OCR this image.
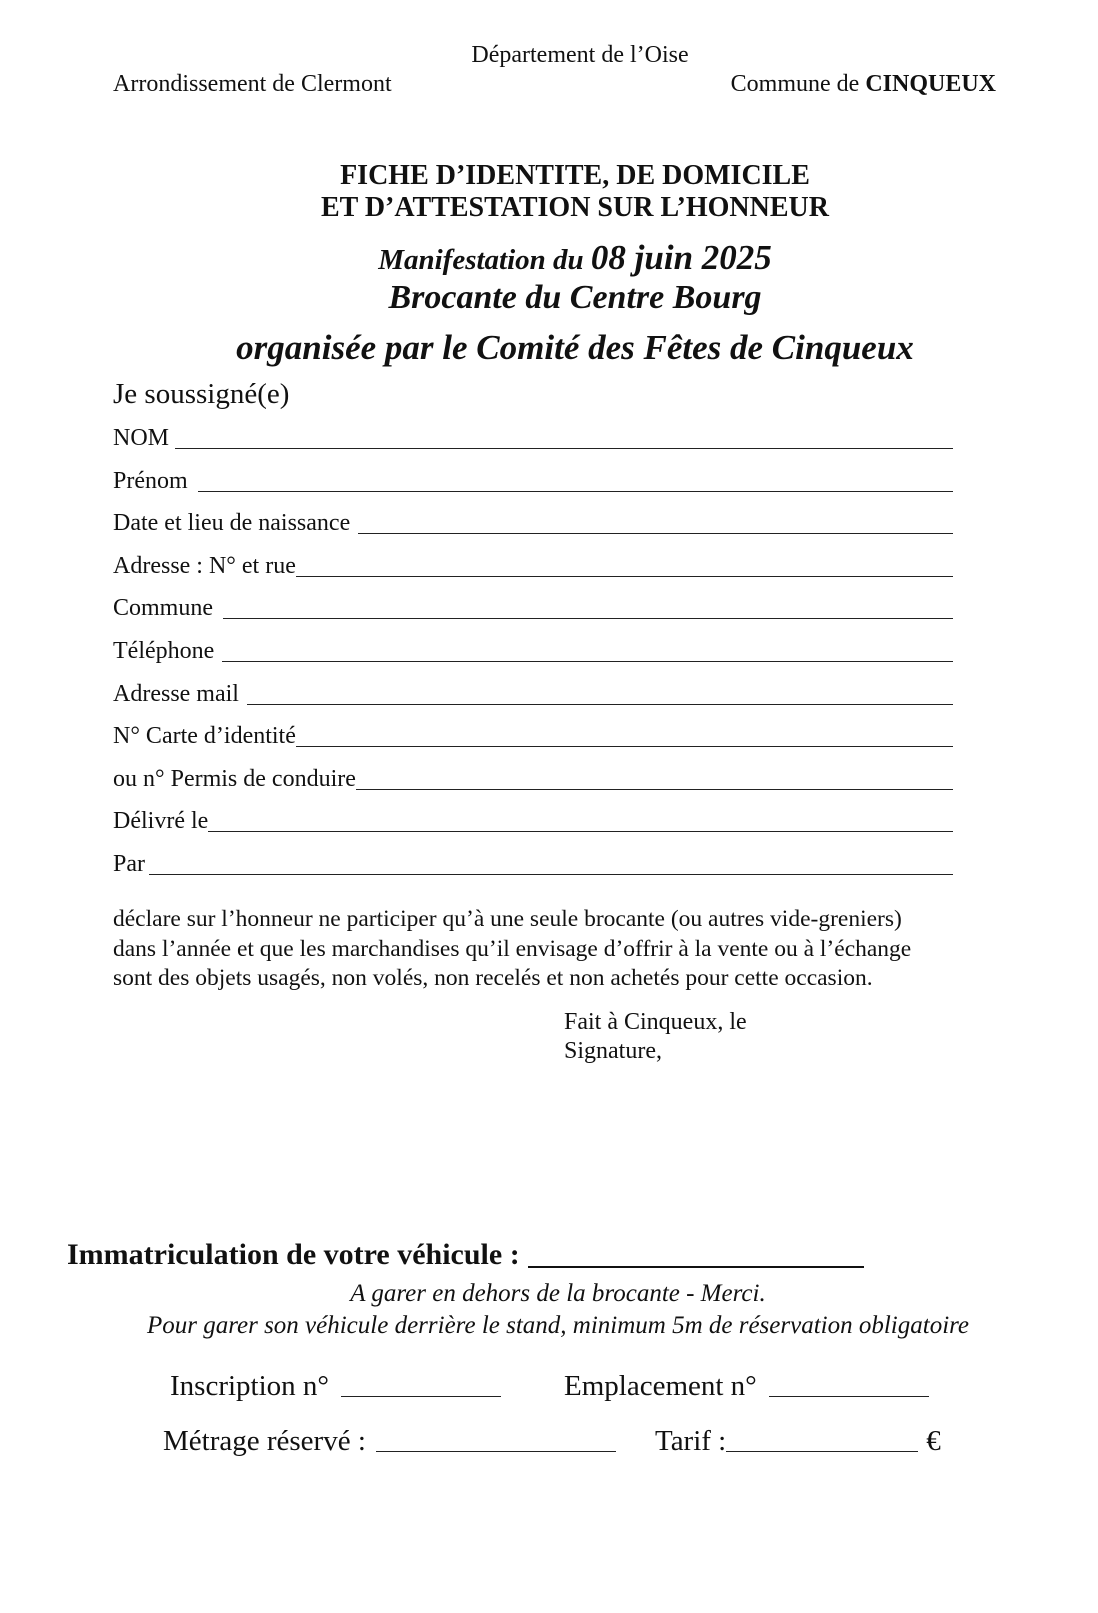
Département de l’Oise
Arrondissement de Clermont	Commune de CINQUEUX
FICHE D’IDENTITE, DE DOMICILE
ET D’ATTESTATION SUR L’HONNEUR
Manifestation du 08 juin 2025
Brocante du Centre Bourg
organisée par le Comité des Fêtes de Cinqueux
Je soussigné(e)
NOM
Prénom
Date et lieu de naissance
Adresse : N° et rue
Commune
Téléphone
Adresse mail
N° Carte d’identité
ou n° Permis de conduire
Délivré le
Par
déclare sur l’honneur ne participer qu’à une seule brocante (ou autres vide-greniers)
dans l’année et que les marchandises qu’il envisage d’offrir à la vente ou à l’échange
sont des objets usagés, non volés, non recelés et non achetés pour cette occasion.
Fait à Cinqueux, le
Signature,
Immatriculation de votre véhicule :
A garer en dehors de la brocante - Merci.
Pour garer son véhicule derrière le stand, minimum 5m de réservation obligatoire
Inscription n°	Emplacement n°
Métrage réservé :	Tarif :	€
